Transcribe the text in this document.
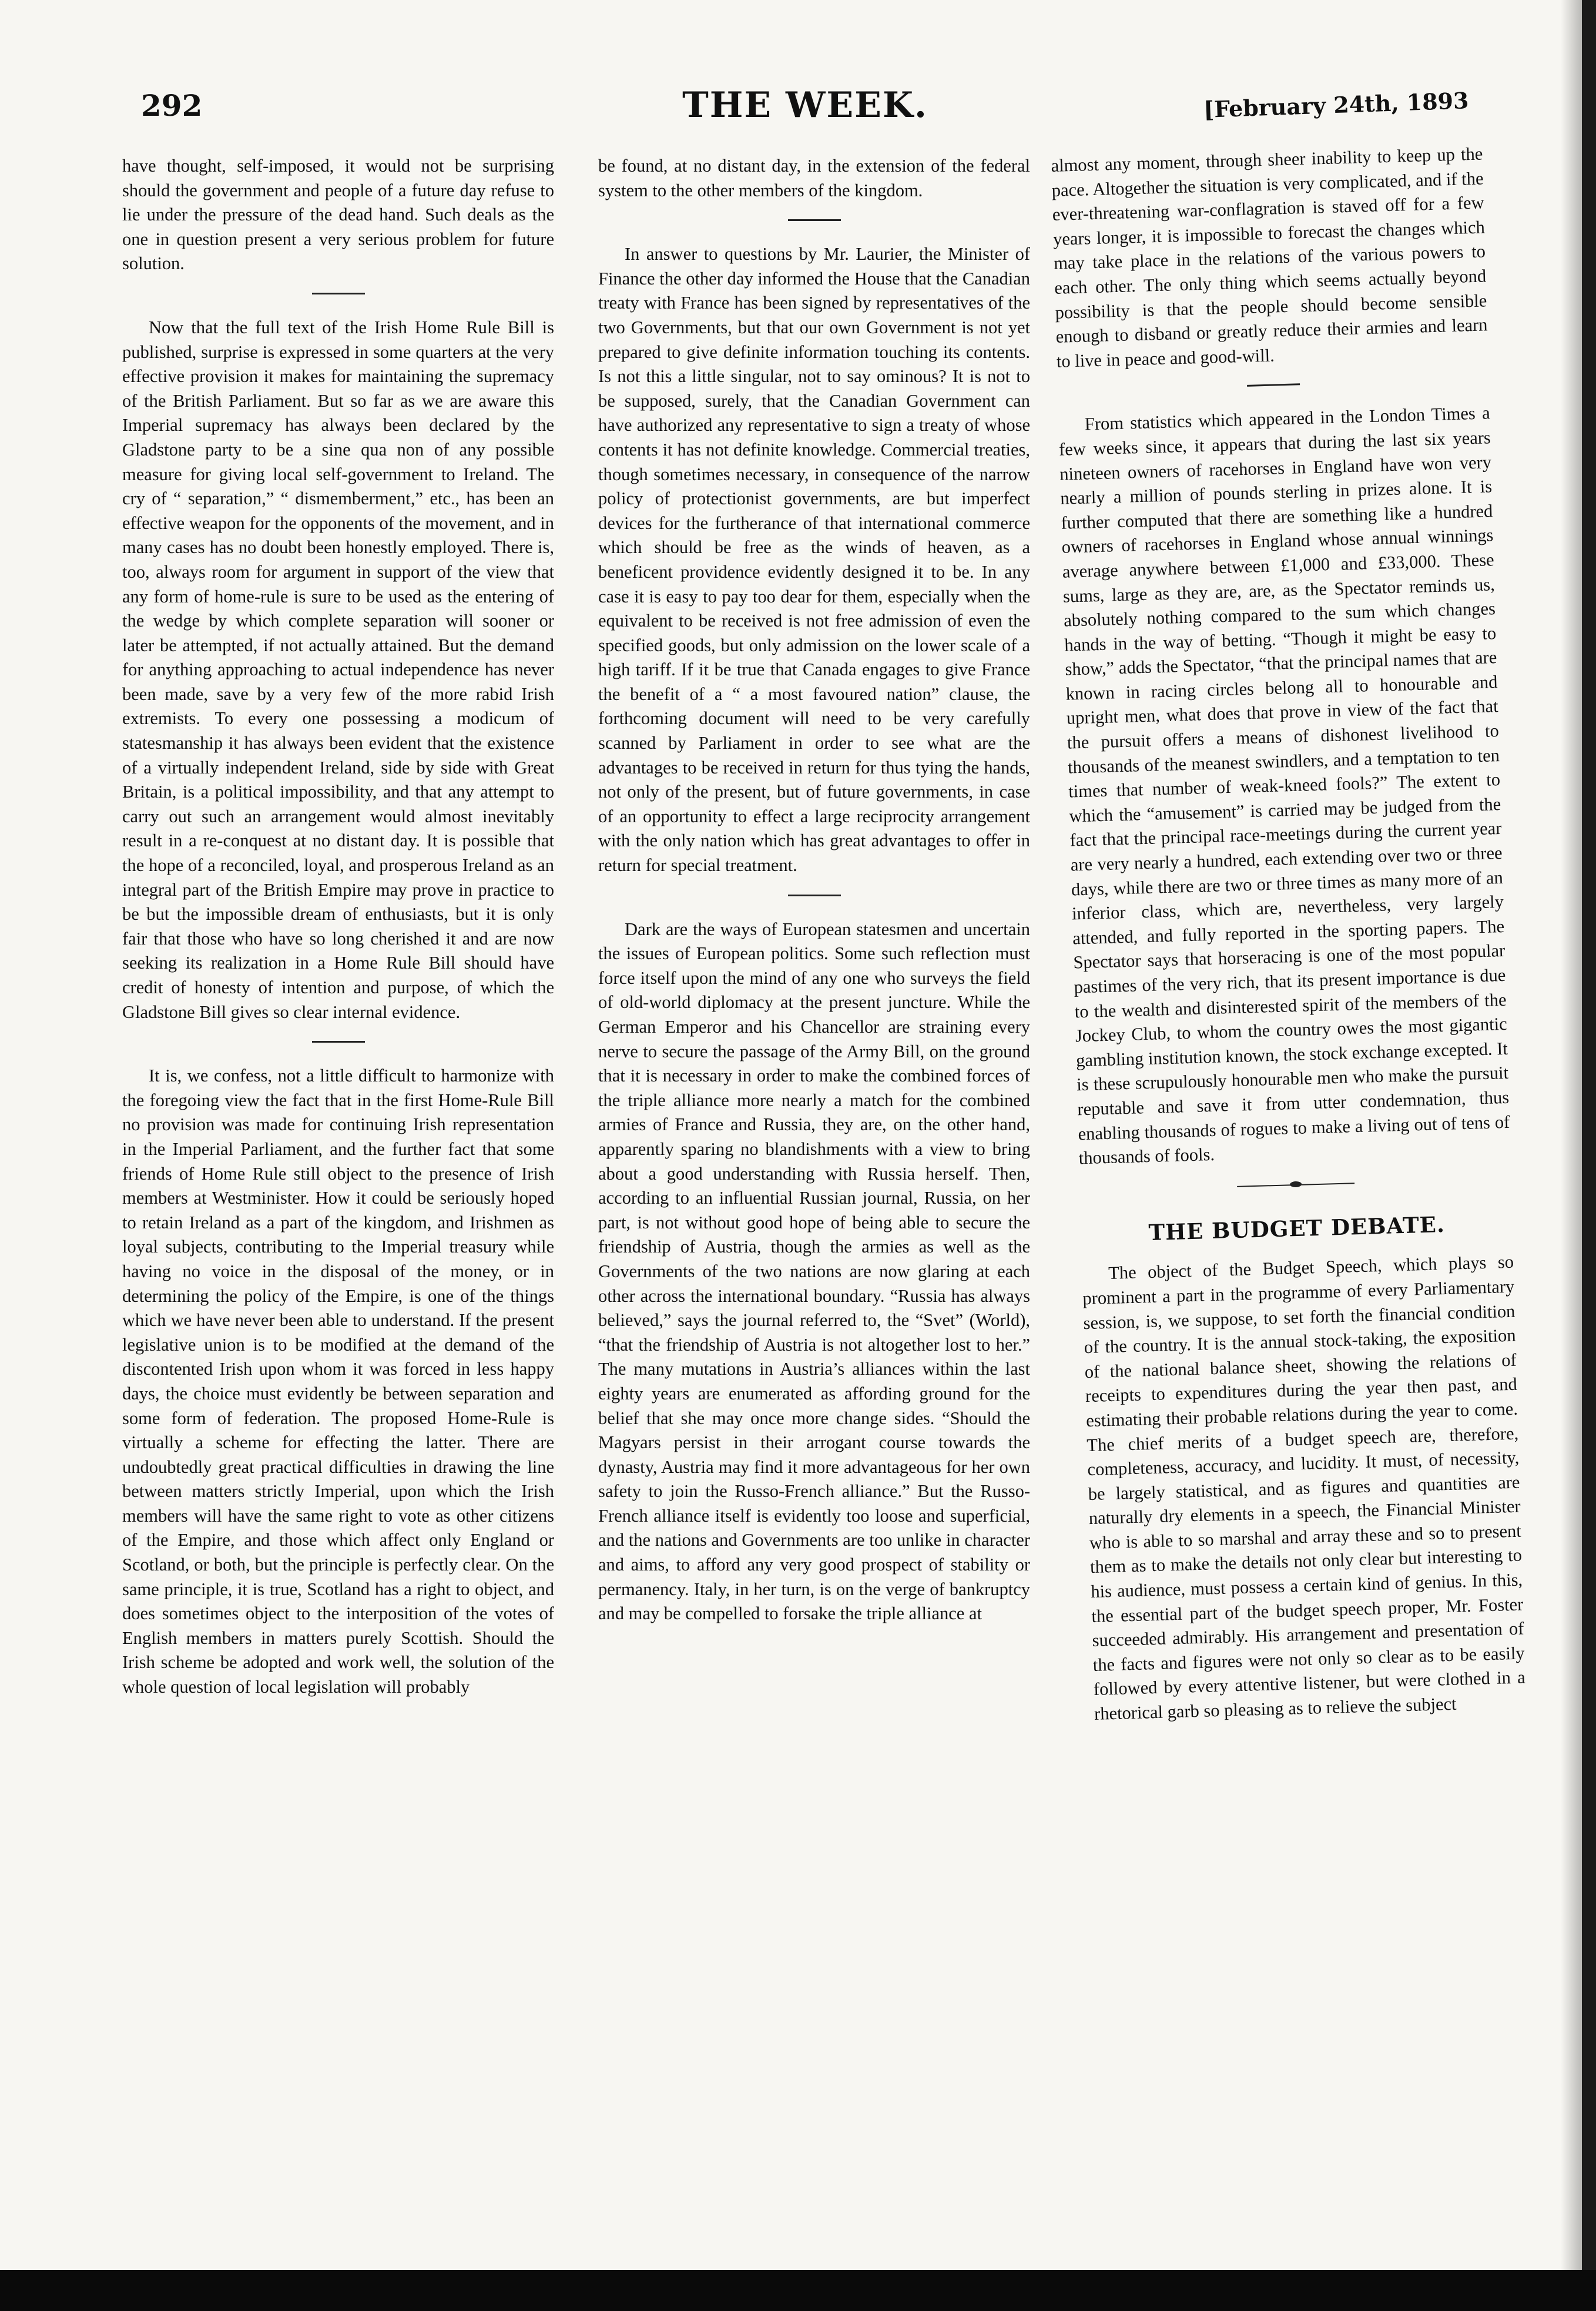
292	THE WEEK.	[February 24th, 1893

have thought, self-imposed, it would not be surprising should the government and people of a future day refuse to lie under the pressure of the dead hand. Such deals as the one in question present a very serious problem for future solution.

Now that the full text of the Irish Home Rule Bill is published, surprise is expressed in some quarters at the very effective provision it makes for maintaining the supremacy of the British Parliament. But so far as we are aware this Imperial supremacy has always been declared by the Gladstone party to be a sine qua non of any possible measure for giving local self-government to Ireland. The cry of “ separation,” “ dismemberment,” etc., has been an effective weapon for the opponents of the movement, and in many cases has no doubt been honestly employed. There is, too, always room for argument in support of the view that any form of home-rule is sure to be used as the entering of the wedge by which complete separation will sooner or later be attempted, if not actually attained. But the demand for anything approaching to actual independence has never been made, save by a very few of the more rabid Irish extremists. To every one possessing a modicum of statesmanship it has always been evident that the existence of a virtually independent Ireland, side by side with Great Britain, is a political impossibility, and that any attempt to carry out such an arrangement would almost inevitably result in a re-conquest at no distant day. It is possible that the hope of a reconciled, loyal, and prosperous Ireland as an integral part of the British Empire may prove in practice to be but the impossible dream of enthusiasts, but it is only fair that those who have so long cherished it and are now seeking its realization in a Home Rule Bill should have credit of honesty of intention and purpose, of which the Gladstone Bill gives so clear internal evidence.

It is, we confess, not a little difficult to harmonize with the foregoing view the fact that in the first Home-Rule Bill no provision was made for continuing Irish representation in the Imperial Parliament, and the further fact that some friends of Home Rule still object to the presence of Irish members at Westminister. How it could be seriously hoped to retain Ireland as a part of the kingdom, and Irishmen as loyal subjects, contributing to the Imperial treasury while having no voice in the disposal of the money, or in determining the policy of the Empire, is one of the things which we have never been able to understand. If the present legislative union is to be modified at the demand of the discontented Irish upon whom it was forced in less happy days, the choice must evidently be between separation and some form of federation. The proposed Home-Rule is virtually a scheme for effecting the latter. There are undoubtedly great practical difficulties in drawing the line between matters strictly Imperial, upon which the Irish members will have the same right to vote as other citizens of the Empire, and those which affect only England or Scotland, or both, but the principle is perfectly clear. On the same principle, it is true, Scotland has a right to object, and does sometimes object to the interposition of the votes of English members in matters purely Scottish. Should the Irish scheme be adopted and work well, the solution of the whole question of local legislation will probably

be found, at no distant day, in the extension of the federal system to the other members of the kingdom.

In answer to questions by Mr. Laurier, the Minister of Finance the other day informed the House that the Canadian treaty with France has been signed by representatives of the two Governments, but that our own Government is not yet prepared to give definite information touching its contents. Is not this a little singular, not to say ominous? It is not to be supposed, surely, that the Canadian Government can have authorized any representative to sign a treaty of whose contents it has not definite knowledge. Commercial treaties, though sometimes necessary, in consequence of the narrow policy of protectionist governments, are but imperfect devices for the furtherance of that international commerce which should be free as the winds of heaven, as a beneficent providence evidently designed it to be. In any case it is easy to pay too dear for them, especially when the equivalent to be received is not free admission of even the specified goods, but only admission on the lower scale of a high tariff. If it be true that Canada engages to give France the benefit of a “ a most favoured nation” clause, the forthcoming document will need to be very carefully scanned by Parliament in order to see what are the advantages to be received in return for thus tying the hands, not only of the present, but of future governments, in case of an opportunity to effect a large reciprocity arrangement with the only nation which has great advantages to offer in return for special treatment.

Dark are the ways of European statesmen and uncertain the issues of European politics. Some such reflection must force itself upon the mind of any one who surveys the field of old-world diplomacy at the present juncture. While the German Emperor and his Chancellor are straining every nerve to secure the passage of the Army Bill, on the ground that it is necessary in order to make the combined forces of the triple alliance more nearly a match for the combined armies of France and Russia, they are, on the other hand, apparently sparing no blandishments with a view to bring about a good understanding with Russia herself. Then, according to an influential Russian journal, Russia, on her part, is not without good hope of being able to secure the friendship of Austria, though the armies as well as the Governments of the two nations are now glaring at each other across the international boundary. “Russia has always believed,” says the journal referred to, the “Svet” (World), “that the friendship of Austria is not altogether lost to her.” The many mutations in Austria’s alliances within the last eighty years are enumerated as affording ground for the belief that she may once more change sides. “Should the Magyars persist in their arrogant course towards the dynasty, Austria may find it more advantageous for her own safety to join the Russo-French alliance.” But the Russo-French alliance itself is evidently too loose and superficial, and the nations and Governments are too unlike in character and aims, to afford any very good prospect of stability or permanency. Italy, in her turn, is on the verge of bankruptcy and may be compelled to forsake the triple alliance at

almost any moment, through sheer inability to keep up the pace. Altogether the situation is very complicated, and if the ever-threatening war-conflagration is staved off for a few years longer, it is impossible to forecast the changes which may take place in the relations of the various powers to each other. The only thing which seems actually beyond possibility is that the people should become sensible enough to disband or greatly reduce their armies and learn to live in peace and good-will.

From statistics which appeared in the London Times a few weeks since, it appears that during the last six years nineteen owners of racehorses in England have won very nearly a million of pounds sterling in prizes alone. It is further computed that there are something like a hundred owners of racehorses in England whose annual winnings average anywhere between £1,000 and £33,000. These sums, large as they are, are, as the Spectator reminds us, absolutely nothing compared to the sum which changes hands in the way of betting. “Though it might be easy to show,” adds the Spectator, “that the principal names that are known in racing circles belong all to honourable and upright men, what does that prove in view of the fact that the pursuit offers a means of dishonest livelihood to thousands of the meanest swindlers, and a temptation to ten times that number of weak-kneed fools?” The extent to which the “amusement” is carried may be judged from the fact that the principal race-meetings during the current year are very nearly a hundred, each extending over two or three days, while there are two or three times as many more of an inferior class, which are, nevertheless, very largely attended, and fully reported in the sporting papers. The Spectator says that horseracing is one of the most popular pastimes of the very rich, that its present importance is due to the wealth and disinterested spirit of the members of the Jockey Club, to whom the country owes the most gigantic gambling institution known, the stock exchange excepted. It is these scrupulously honourable men who make the pursuit reputable and save it from utter condemnation, thus enabling thousands of rogues to make a living out of tens of thousands of fools.

THE BUDGET DEBATE.

The object of the Budget Speech, which plays so prominent a part in the programme of every Parliamentary session, is, we suppose, to set forth the financial condition of the country. It is the annual stock-taking, the exposition of the national balance sheet, showing the relations of receipts to expenditures during the year then past, and estimating their probable relations during the year to come. The chief merits of a budget speech are, therefore, completeness, accuracy, and lucidity. It must, of necessity, be largely statistical, and as figures and quantities are naturally dry elements in a speech, the Financial Minister who is able to so marshal and array these and so to present them as to make the details not only clear but interesting to his audience, must possess a certain kind of genius. In this, the essential part of the budget speech proper, Mr. Foster succeeded admirably. His arrangement and presentation of the facts and figures were not only so clear as to be easily followed by every attentive listener, but were clothed in a rhetorical garb so pleasing as to relieve the subject
